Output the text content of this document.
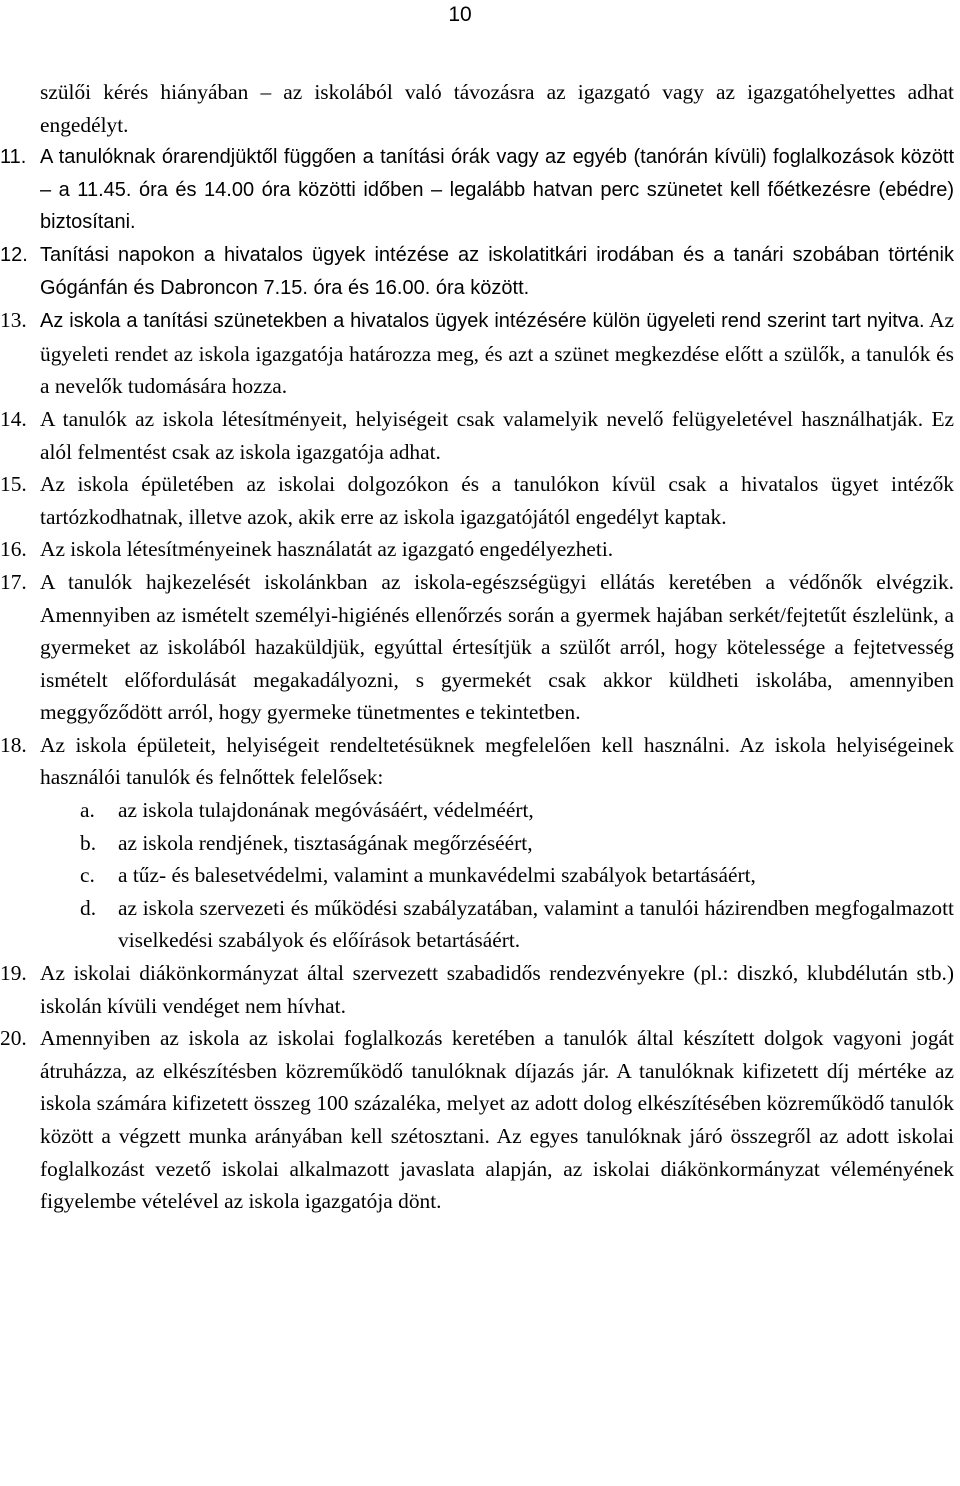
10

szülői kérés hiányában – az iskolából való távozásra az igazgató vagy az igazgatóhelyettes adhat engedélyt.

11. A tanulóknak órarendjüktől függően a tanítási órák vagy az egyéb (tanórán kívüli) foglalkozások között – a 11.45. óra és 14.00 óra közötti időben – legalább hatvan perc szünetet kell főétkezésre (ebédre) biztosítani.
12. Tanítási napokon a hivatalos ügyek intézése az iskolatitkári irodában és a tanári szobában történik Gógánfán és Dabroncon 7.15. óra és 16.00. óra között.
13. Az iskola a tanítási szünetekben a hivatalos ügyek intézésére külön ügyeleti rend szerint tart nyitva. Az ügyeleti rendet az iskola igazgatója határozza meg, és azt a szünet megkezdése előtt a szülők, a tanulók és a nevelők tudomására hozza.
14. A tanulók az iskola létesítményeit, helyiségeit csak valamelyik nevelő felügyeletével használhatják. Ez alól felmentést csak az iskola igazgatója adhat.
15. Az iskola épületében az iskolai dolgozókon és a tanulókon kívül csak a hivatalos ügyet intézők tartózkodhatnak, illetve azok, akik erre az iskola igazgatójától engedélyt kaptak.
16. Az iskola létesítményeinek használatát az igazgató engedélyezheti.
17. A tanulók hajkezelését iskolánkban az iskola-egészségügyi ellátás keretében a védőnők elvégzik. Amennyiben az ismételt személyi-higiénés ellenőrzés során a gyermek hajában serkét/fejtetűt észlelünk, a gyermeket az iskolából hazaküldjük, egyúttal értesítjük a szülőt arról, hogy kötelessége a fejtetvesség ismételt előfordulását megakadályozni, s gyermekét csak akkor küldheti iskolába, amennyiben meggyőződött arról, hogy gyermeke tünetmentes e tekintetben.
18. Az iskola épületeit, helyiségeit rendeltetésüknek megfelelően kell használni. Az iskola helyiségeinek használói tanulók és felnőttek felelősek:
a. az iskola tulajdonának megóvásáért, védelméért,
b. az iskola rendjének, tisztaságának megőrzéséért,
c. a tűz- és balesetvédelmi, valamint a munkavédelmi szabályok betartásáért,
d. az iskola szervezeti és működési szabályzatában, valamint a tanulói házirendben megfogalmazott viselkedési szabályok és előírások betartásáért.
19. Az iskolai diákönkormányzat által szervezett szabadidős rendezvényekre (pl.: diszkó, klubdélután stb.) iskolán kívüli vendéget nem hívhat.
20. Amennyiben az iskola az iskolai foglalkozás keretében a tanulók által készített dolgok vagyoni jogát átruházza, az elkészítésben közreműködő tanulóknak díjazás jár. A tanulóknak kifizetett díj mértéke az iskola számára kifizetett összeg 100 százaléka, melyet az adott dolog elkészítésében közreműködő tanulók között a végzett munka arányában kell szétosztani. Az egyes tanulóknak járó összegről az adott iskolai foglalkozást vezető iskolai alkalmazott javaslata alapján, az iskolai diákönkormányzat véleményének figyelembe vételével az iskola igazgatója dönt.
